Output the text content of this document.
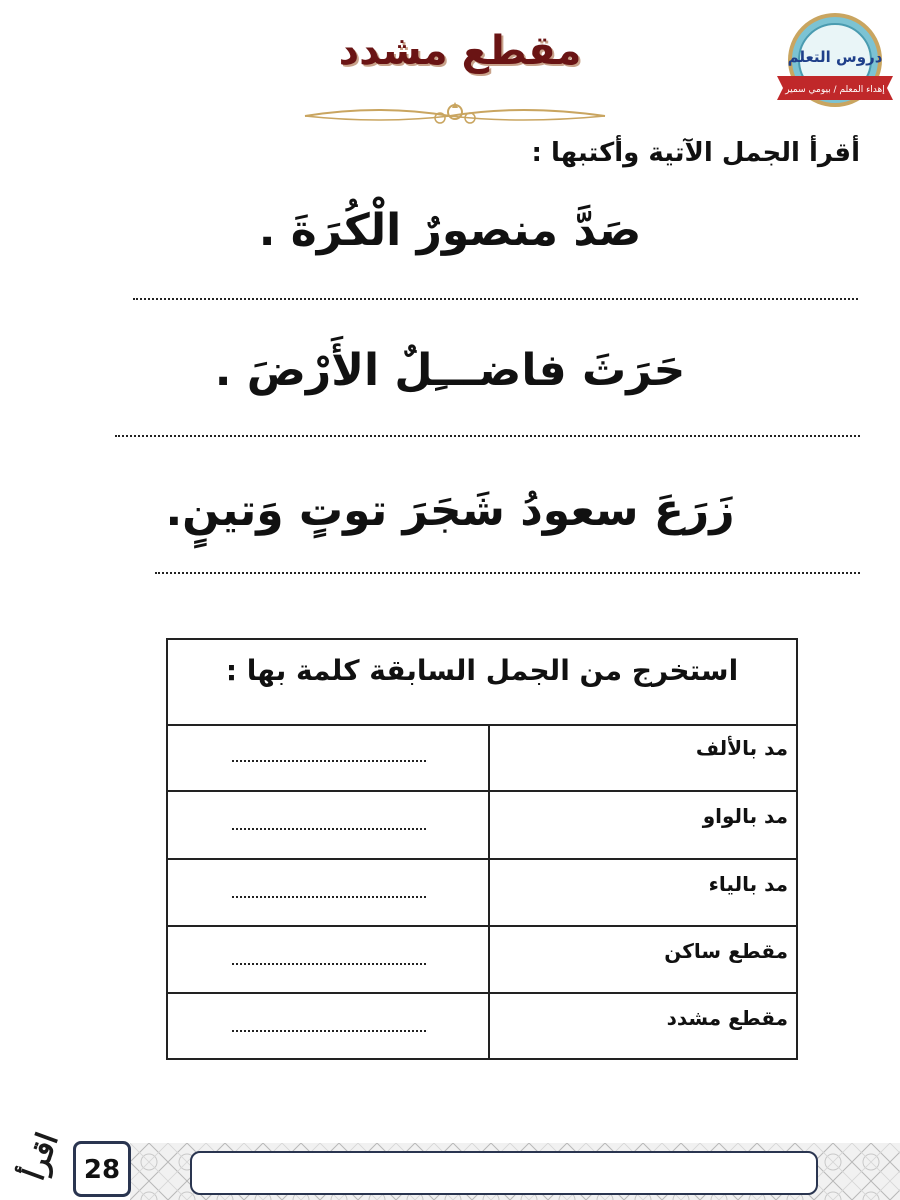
دروس التعلم
إهداء المعلم / بيومي سمير
مقطع مشدد
أقرأ الجمل الآتية وأكتبها :
صَدَّ منصورٌ الْكُرَةَ .
حَرَثَ فاضـــِلٌ الأَرْضَ .
زَرَعَ سعودُ شَجَرَ توتٍ وَتينٍ.
استخرج من الجمل السابقة كلمة بها :
مد بالألف
مد بالواو
مد بالياء
مقطع ساكن
مقطع مشدد
28
اقرأ
